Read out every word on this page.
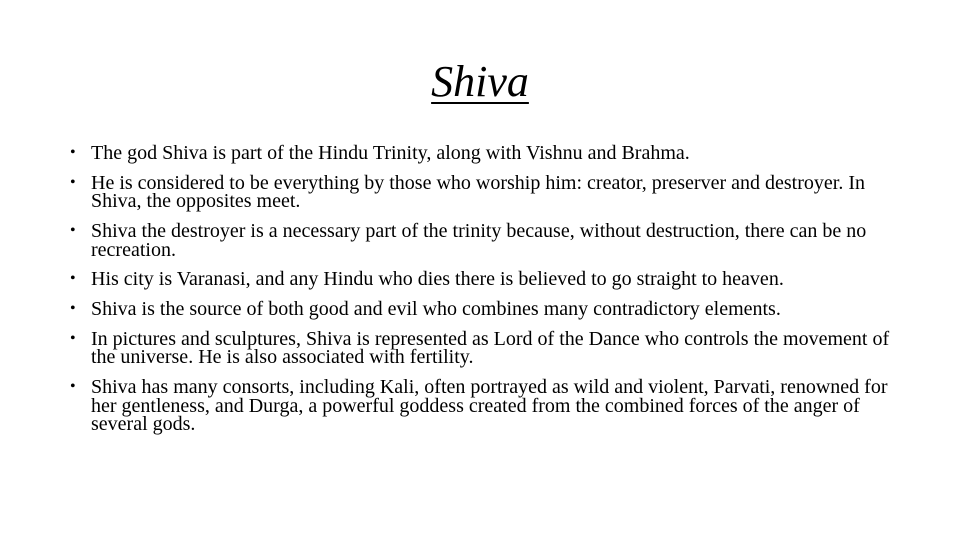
Shiva
• The god Shiva is part of the Hindu Trinity, along with Vishnu and Brahma.
• He is considered to be everything by those who worship him: creator, preserver and destroyer. In Shiva, the opposites meet.
• Shiva the destroyer is a necessary part of the trinity because, without destruction, there can be no recreation.
• His city is Varanasi, and any Hindu who dies there is believed to go straight to heaven.
• Shiva is the source of both good and evil who combines many contradictory elements.
• In pictures and sculptures, Shiva is represented as Lord of the Dance who controls the movement of the universe. He is also associated with fertility.
• Shiva has many consorts, including Kali, often portrayed as wild and violent, Parvati, renowned for her gentleness, and Durga, a powerful goddess created from the combined forces of the anger of several gods.
